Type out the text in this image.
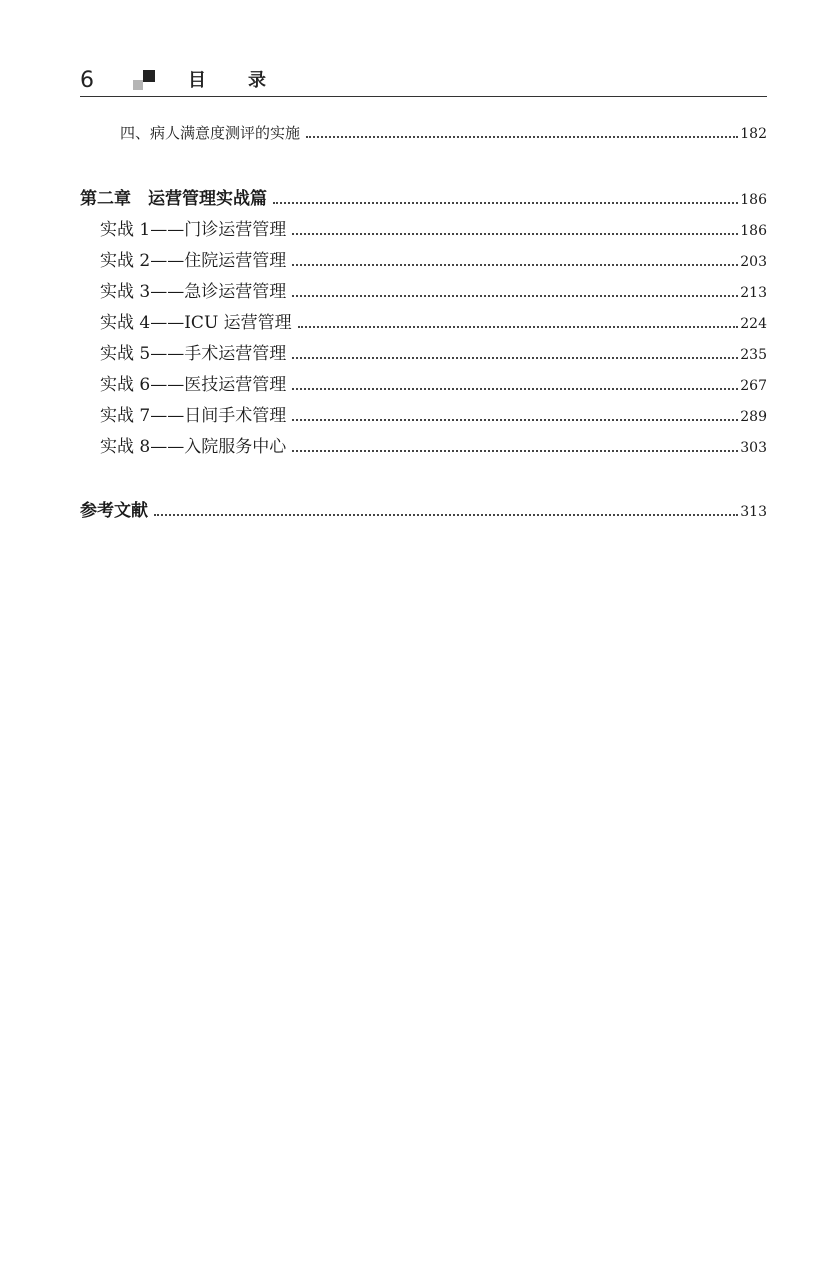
6	目录
四、病人满意度测评的实施	182
第二章　运营管理实战篇	186
实战 1——门诊运营管理	186
实战 2——住院运营管理	203
实战 3——急诊运营管理	213
实战 4——ICU 运营管理	224
实战 5——手术运营管理	235
实战 6——医技运营管理	267
实战 7——日间手术管理	289
实战 8——入院服务中心	303
参考文献	313
